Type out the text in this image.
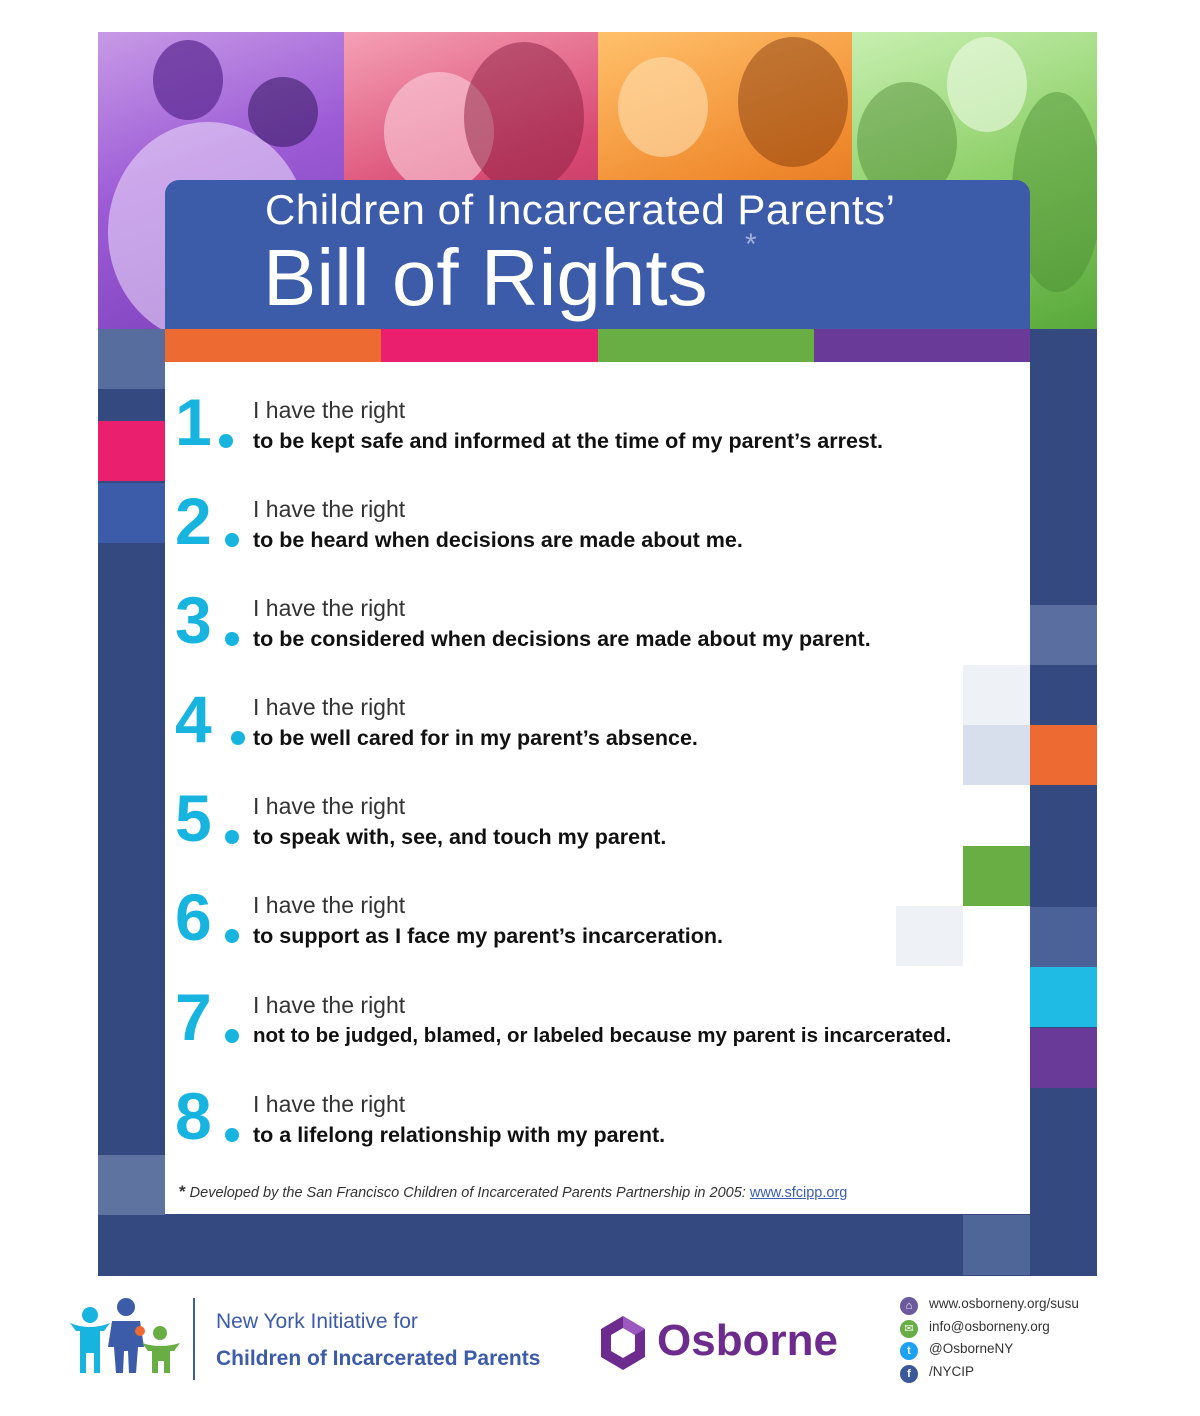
Children of Incarcerated Parents’
Bill of Rights *
1 I have the right
to be kept safe and informed at the time of my parent’s arrest.
2 I have the right
to be heard when decisions are made about me.
3 I have the right
to be considered when decisions are made about my parent.
4 I have the right
to be well cared for in my parent’s absence.
5 I have the right
to speak with, see, and touch my parent.
6 I have the right
to support as I face my parent’s incarceration.
7 I have the right
not to be judged, blamed, or labeled because my parent is incarcerated.
8 I have the right
to a lifelong relationship with my parent.
* Developed by the San Francisco Children of Incarcerated Parents Partnership in 2005: www.sfcipp.org
New York Initiative for
Children of Incarcerated Parents	Osborne
⌂	www.osborneny.org/susu
✉	info@osborneny.org
t	@OsborneNY
f	/NYCIP
